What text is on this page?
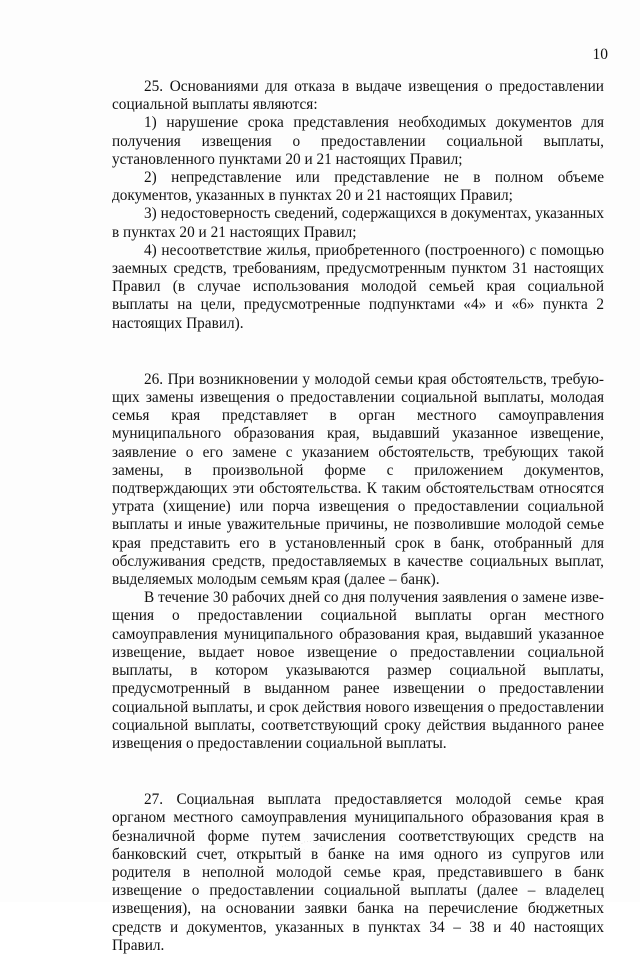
10

25. Основаниями для отказа в выдаче извещения о предоставлении социальной выплаты являются:

1) нарушение срока представления необходимых документов для получения извещения о предоставлении социальной выплаты, установленного пунктами 20 и 21 настоящих Правил;

2) непредставление или представление не в полном объеме документов, указанных в пунктах 20 и 21 настоящих Правил;

3) недостоверность сведений, содержащихся в документах, указанных в пунктах 20 и 21 настоящих Правил;

4) несоответствие жилья, приобретенного (построенного) с помощью заемных средств, требованиям, предусмотренным пунктом 31 настоящих Правил (в случае использования молодой семьей края социальной выплаты на цели, предусмотренные подпунктами «4» и «6» пункта 2 настоящих Правил).

26. При возникновении у молодой семьи края обстоятельств, требующих замены извещения о предоставлении социальной выплаты, молодая семья края представляет в орган местного самоуправления муниципального образования края, выдавший указанное извещение, заявление о его замене с указанием обстоятельств, требующих такой замены, в произвольной форме с приложением документов, подтверждающих эти обстоятельства. К таким обстоятельствам относятся утрата (хищение) или порча извещения о предоставлении социальной выплаты и иные уважительные причины, не позволившие молодой семье края представить его в установленный срок в банк, отобранный для обслуживания средств, предоставляемых в качестве социальных выплат, выделяемых молодым семьям края (далее – банк).

В течение 30 рабочих дней со дня получения заявления о замене извещения о предоставлении социальной выплаты орган местного самоуправления муниципального образования края, выдавший указанное извещение, выдает новое извещение о предоставлении социальной выплаты, в котором указываются размер социальной выплаты, предусмотренный в выданном ранее извещении о предоставлении социальной выплаты, и срок действия нового извещения о предоставлении социальной выплаты, соответствующий сроку действия выданного ранее извещения о предоставлении социальной выплаты.

27. Социальная выплата предоставляется молодой семье края органом местного самоуправления муниципального образования края в безналичной форме путем зачисления соответствующих средств на банковский счет, открытый в банке на имя одного из супругов или родителя в неполной молодой семье края, представившего в банк извещение о предоставлении социальной выплаты (далее – владелец извещения), на основании заявки банка на перечисление бюджетных средств и документов, указанных в пунктах 34 – 38 и 40 настоящих Правил.
